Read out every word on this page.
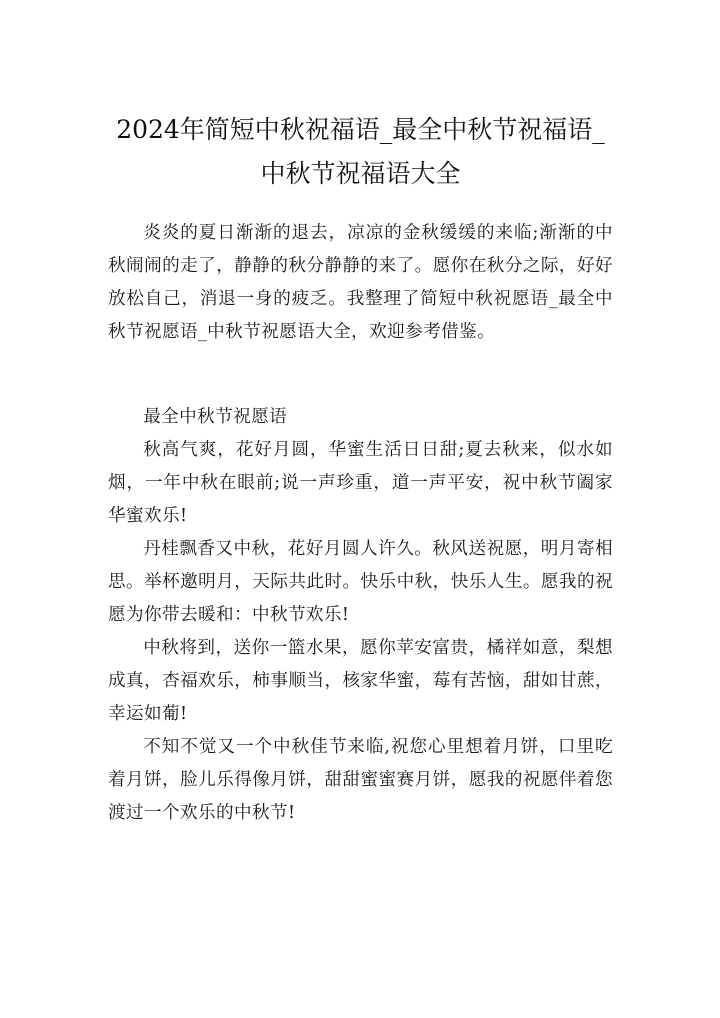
2024年简短中秋祝福语_最全中秋节祝福语_中秋节祝福语大全

炎炎的夏日渐渐的退去，凉凉的金秋缓缓的来临;渐渐的中秋闹闹的走了，静静的秋分静静的来了。愿你在秋分之际，好好放松自己，消退一身的疲乏。我整理了简短中秋祝愿语_最全中秋节祝愿语_中秋节祝愿语大全，欢迎参考借鉴。

最全中秋节祝愿语

秋高气爽，花好月圆，华蜜生活日日甜;夏去秋来，似水如烟，一年中秋在眼前;说一声珍重，道一声平安，祝中秋节阖家华蜜欢乐!

丹桂飘香又中秋，花好月圆人许久。秋风送祝愿，明月寄相思。举杯邀明月，天际共此时。快乐中秋，快乐人生。愿我的祝愿为你带去暖和：中秋节欢乐!

中秋将到，送你一篮水果，愿你苹安富贵，橘祥如意，梨想成真，杏福欢乐，柿事顺当，核家华蜜，莓有苦恼，甜如甘蔗，幸运如葡!

不知不觉又一个中秋佳节来临,祝您心里想着月饼，口里吃着月饼，脸儿乐得像月饼，甜甜蜜蜜赛月饼，愿我的祝愿伴着您渡过一个欢乐的中秋节!
